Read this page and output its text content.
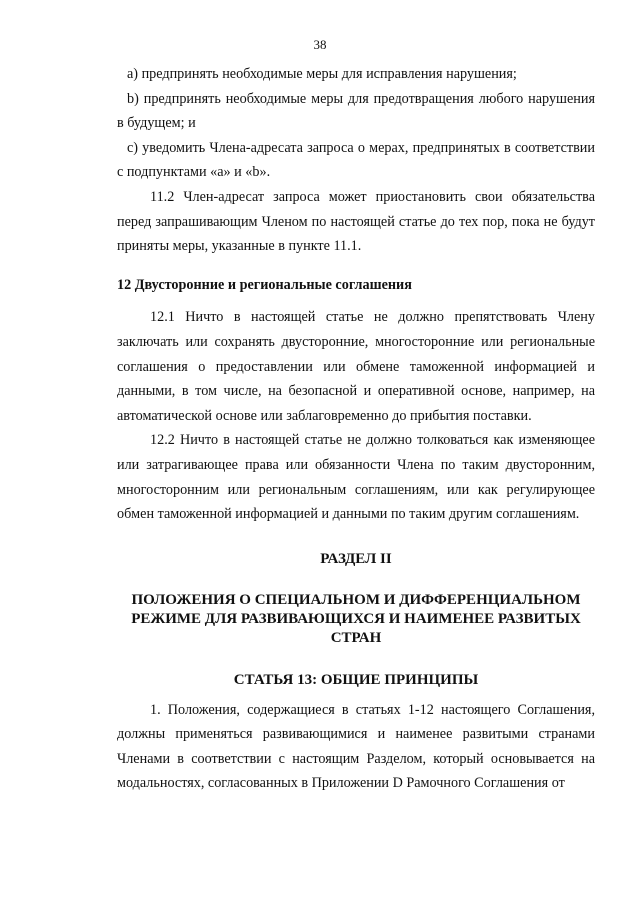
38

a) предпринять необходимые меры для исправления нарушения;

b) предпринять необходимые меры для предотвращения любого нарушения в будущем; и

c) уведомить Члена-адресата запроса о мерах, предпринятых в соответствии с подпунктами «a» и «b».

11.2 Член-адресат запроса может приостановить свои обязательства перед запрашивающим Членом по настоящей статье до тех пор, пока не будут приняты меры, указанные в пункте 11.1.

12 Двусторонние и региональные соглашения

12.1 Ничто в настоящей статье не должно препятствовать Члену заключать или сохранять двусторонние, многосторонние или региональные соглашения о предоставлении или обмене таможенной информацией и данными, в том числе, на безопасной и оперативной основе, например, на автоматической основе или заблаговременно до прибытия поставки.

12.2 Ничто в настоящей статье не должно толковаться как изменяющее или затрагивающее права или обязанности Члена по таким двусторонним, многосторонним или региональным соглашениям, или как регулирующее обмен таможенной информацией и данными по таким другим соглашениям.

РАЗДЕЛ II

ПОЛОЖЕНИЯ О СПЕЦИАЛЬНОМ И ДИФФЕРЕНЦИАЛЬНОМ РЕЖИМЕ ДЛЯ РАЗВИВАЮЩИХСЯ И НАИМЕНЕЕ РАЗВИТЫХ СТРАН

СТАТЬЯ 13: ОБЩИЕ ПРИНЦИПЫ

1. Положения, содержащиеся в статьях 1-12 настоящего Соглашения, должны применяться развивающимися и наименее развитыми странами Членами в соответствии с настоящим Разделом, который основывается на модальностях, согласованных в Приложении D Рамочного Соглашения от
